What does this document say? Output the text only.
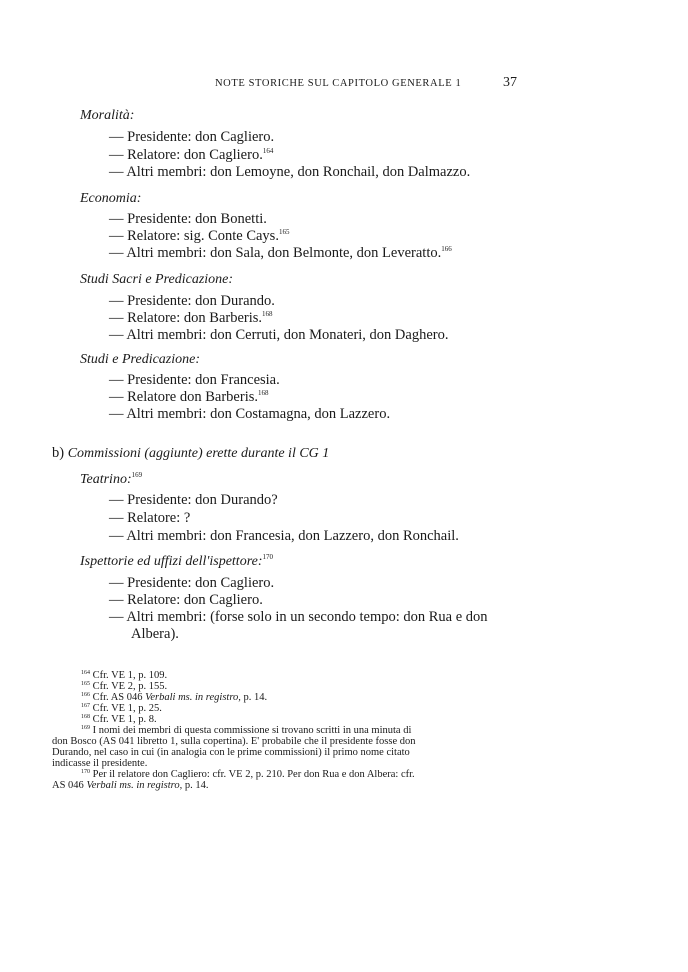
NOTE STORICHE SUL CAPITOLO GENERALE 1	37
Moralità:
— Presidente: don Cagliero.
— Relatore: don Cagliero.$^{164}$
— Altri membri: don Lemoyne, don Ronchail, don Dalmazzo.
Economia:
— Presidente: don Bonetti.
— Relatore: sig. Conte Cays.$^{165}$
— Altri membri: don Sala, don Belmonte, don Leveratto.$^{166}$
Studi Sacri e Predicazione:
— Presidente: don Durando.
— Relatore: don Barberis.$^{168}$
— Altri membri: don Cerruti, don Monateri, don Daghero.
Studi e Predicazione:
— Presidente: don Francesia.
— Relatore don Barberis.$^{168}$
— Altri membri: don Costamagna, don Lazzero.
b) Commissioni (aggiunte) erette durante il CG 1
Teatrino:$^{169}$
— Presidente: don Durando?
— Relatore: ?
— Altri membri: don Francesia, don Lazzero, don Ronchail.
Ispettorie ed uffizi dell'ispettore:$^{170}$
— Presidente: don Cagliero.
— Relatore: don Cagliero.
— Altri membri: (forse solo in un secondo tempo: don Rua e don
Albera).
$^{164}$ Cfr. VE 1, p. 109.
$^{165}$ Cfr. VE 2, p. 155.
$^{166}$ Cfr. AS 046 Verbali ms. in registro, p. 14.
$^{167}$ Cfr. VE 1, p. 25.
$^{168}$ Cfr. VE 1, p. 8.
$^{169}$ I nomi dei membri di questa commissione si trovano scritti in una minuta di
don Bosco (AS 041 libretto 1, sulla copertina). E' probabile che il presidente fosse don
Durando, nel caso in cui (in analogia con le prime commissioni) il primo nome citato
indicasse il presidente.
$^{170}$ Per il relatore don Cagliero: cfr. VE 2, p. 210. Per don Rua e don Albera: cfr.
AS 046 Verbali ms. in registro, p. 14.
